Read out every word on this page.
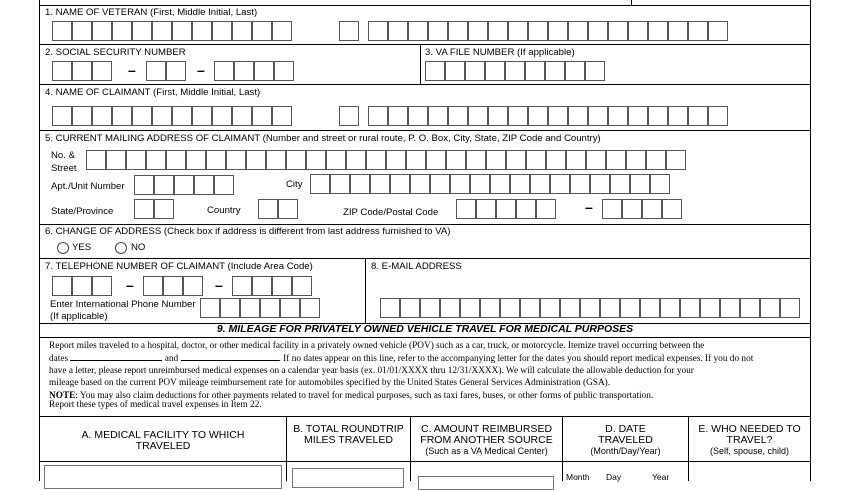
1. NAME OF VETERAN (First, Middle Initial, Last)
2. SOCIAL SECURITY NUMBER
–	–
3. VA FILE NUMBER (If applicable)
4. NAME OF CLAIMANT (First, Middle Initial, Last)
5. CURRENT MAILING ADDRESS OF CLAIMANT (Number and street or rural route, P. O. Box, City, State, ZIP Code and Country)
No. &
Street
Apt./Unit Number	City
State/Province	Country	ZIP Code/Postal Code	–
6. CHANGE OF ADDRESS (Check box if address is different from last address furnished to VA)
YES	NO
7. TELEPHONE NUMBER OF CLAIMANT (Include Area Code)
–	–
Enter International Phone Number
(If applicable)
8. E-MAIL ADDRESS
9. MILEAGE FOR PRIVATELY OWNED VEHICLE TRAVEL FOR MEDICAL PURPOSES
Report miles traveled to a hospital, doctor, or other medical facility in a privately owned vehicle (POV) such as a car, truck, or motorcycle. Itemize travel occurring between the
dates	and	. If no dates appear on this line, refer to the accompanying letter for the dates you should report medical expenses. If you do not
have a letter, please report unreimbursed medical expenses on a calendar year basis (ex. 01/01/XXXX thru 12/31/XXXX). We will calculate the allowable deduction for your
mileage based on the current POV mileage reimbursement rate for automobiles specified by the United States General Services Administration (GSA).
NOTE: You may also claim deductions for other payments related to travel for medical purposes, such as taxi fares, buses, or other forms of public transportation.
Report these types of medical travel expenses in Item 22.
A. MEDICAL FACILITY TO WHICH
TRAVELED
B. TOTAL ROUNDTRIP
MILES TRAVELED
C. AMOUNT REIMBURSED
FROM ANOTHER SOURCE
(Such as a VA Medical Center)
D. DATE
TRAVELED
(Month/Day/Year)
E. WHO NEEDED TO
TRAVEL?
(Self, spouse, child)
Month Day	Year
